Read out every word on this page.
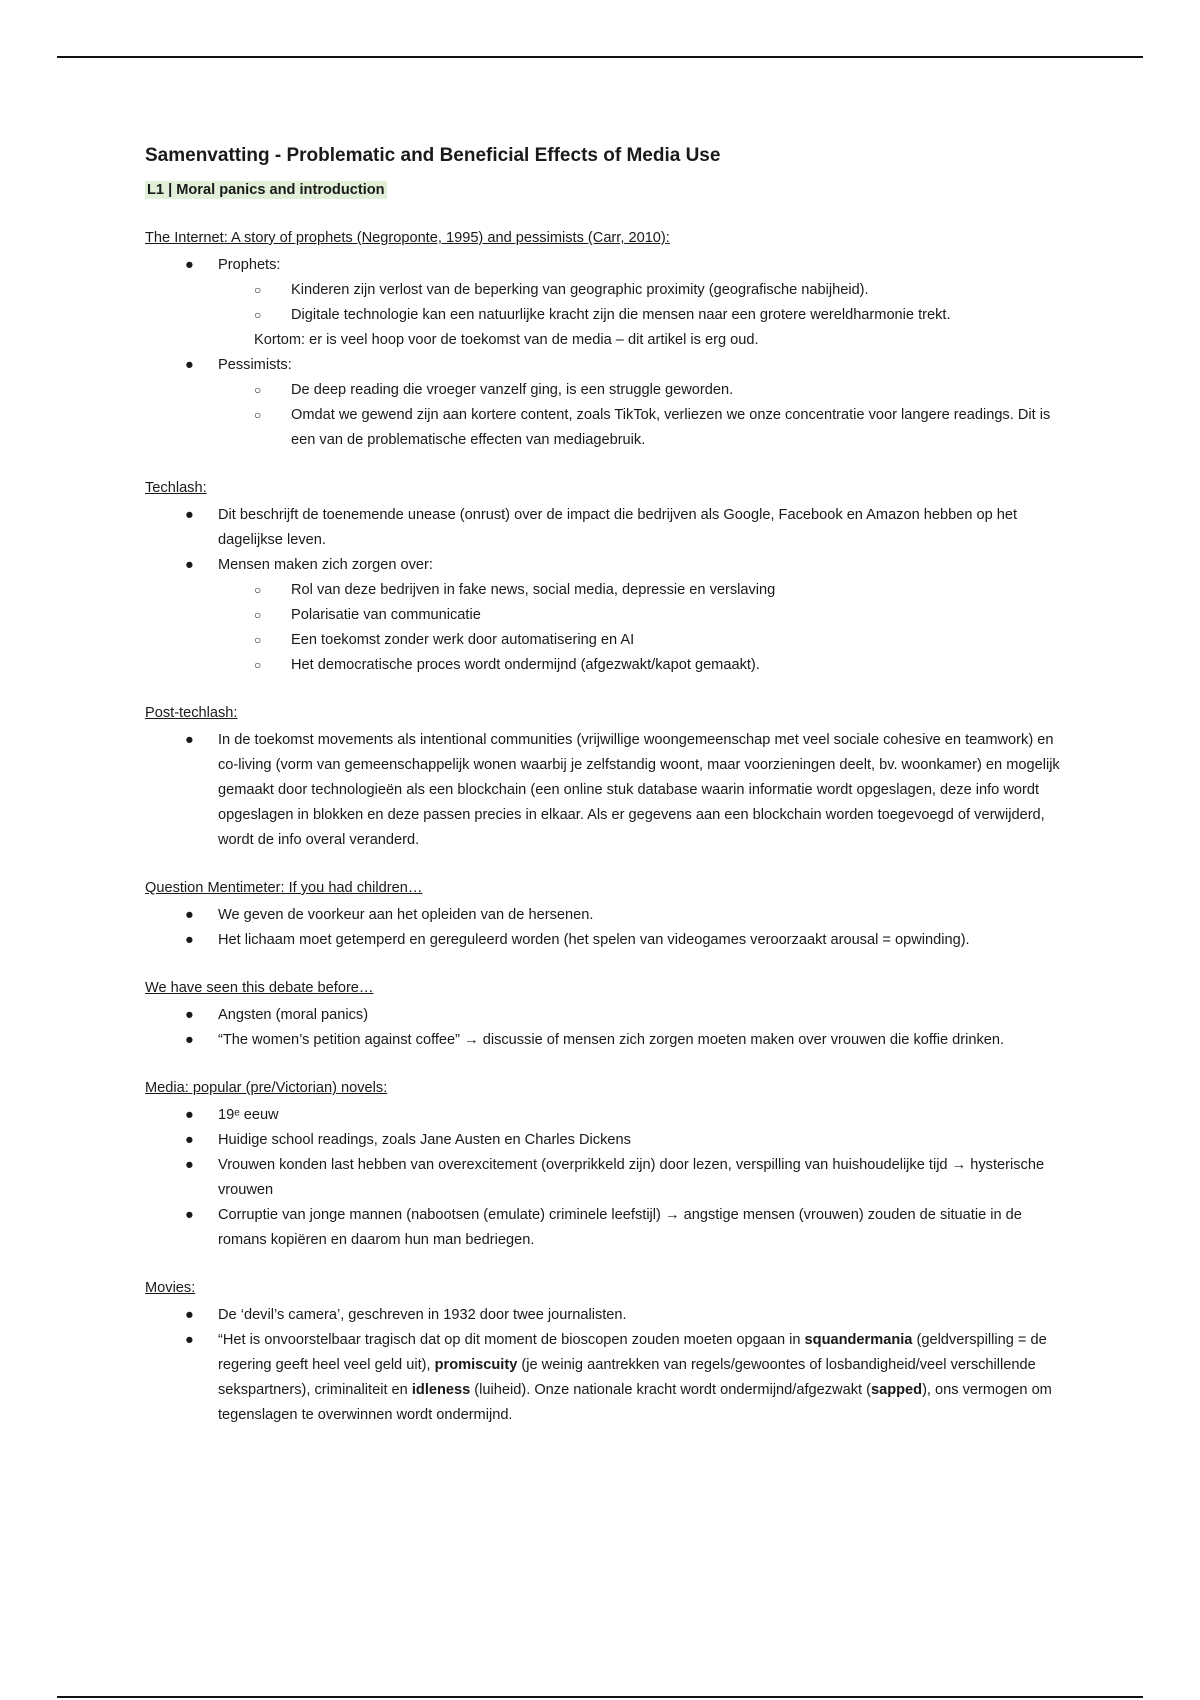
Samenvatting - Problematic and Beneficial Effects of Media Use
L1 | Moral panics and introduction
The Internet: A story of prophets (Negroponte, 1995) and pessimists (Carr, 2010):
● Prophets:
○ Kinderen zijn verlost van de beperking van geographic proximity (geografische nabijheid).
○ Digitale technologie kan een natuurlijke kracht zijn die mensen naar een grotere wereldharmonie trekt.
Kortom: er is veel hoop voor de toekomst van de media – dit artikel is erg oud.
● Pessimists:
○ De deep reading die vroeger vanzelf ging, is een struggle geworden.
○ Omdat we gewend zijn aan kortere content, zoals TikTok, verliezen we onze concentratie voor langere readings. Dit is een van de problematische effecten van mediagebruik.
Techlash:
● Dit beschrijft de toenemende unease (onrust) over de impact die bedrijven als Google, Facebook en Amazon hebben op het dagelijkse leven.
● Mensen maken zich zorgen over:
○ Rol van deze bedrijven in fake news, social media, depressie en verslaving
○ Polarisatie van communicatie
○ Een toekomst zonder werk door automatisering en AI
○ Het democratische proces wordt ondermijnd (afgezwakt/kapot gemaakt).
Post-techlash:
● In de toekomst movements als intentional communities (vrijwillige woongemeenschap met veel sociale cohesive en teamwork) en co-living (vorm van gemeenschappelijk wonen waarbij je zelfstandig woont, maar voorzieningen deelt, bv. woonkamer) en mogelijk gemaakt door technologieën als een blockchain (een online stuk database waarin informatie wordt opgeslagen, deze info wordt opgeslagen in blokken en deze passen precies in elkaar. Als er gegevens aan een blockchain worden toegevoegd of verwijderd, wordt de info overal veranderd.
Question Mentimeter: If you had children…
● We geven de voorkeur aan het opleiden van de hersenen.
● Het lichaam moet getemperd en gereguleerd worden (het spelen van videogames veroorzaakt arousal = opwinding).
We have seen this debate before…
● Angsten (moral panics)
● “The women’s petition against coffee” → discussie of mensen zich zorgen moeten maken over vrouwen die koffie drinken.
Media: popular (pre/Victorian) novels:
● 19ᵉ eeuw
● Huidige school readings, zoals Jane Austen en Charles Dickens
● Vrouwen konden last hebben van overexcitement (overprikkeld zijn) door lezen, verspilling van huishoudelijke tijd → hysterische vrouwen
● Corruptie van jonge mannen (nabootsen (emulate) criminele leefstijl) → angstige mensen (vrouwen) zouden de situatie in de romans kopiëren en daarom hun man bedriegen.
Movies:
● De ‘devil’s camera’, geschreven in 1932 door twee journalisten.
● “Het is onvoorstelbaar tragisch dat op dit moment de bioscopen zouden moeten opgaan in squandermania (geldverspilling = de regering geeft heel veel geld uit), promiscuity (je weinig aantrekken van regels/gewoontes of losbandigheid/veel verschillende sekspartners), criminaliteit en idleness (luiheid). Onze nationale kracht wordt ondermijnd/afgezwakt (sapped), ons vermogen om tegenslagen te overwinnen wordt ondermijnd.
